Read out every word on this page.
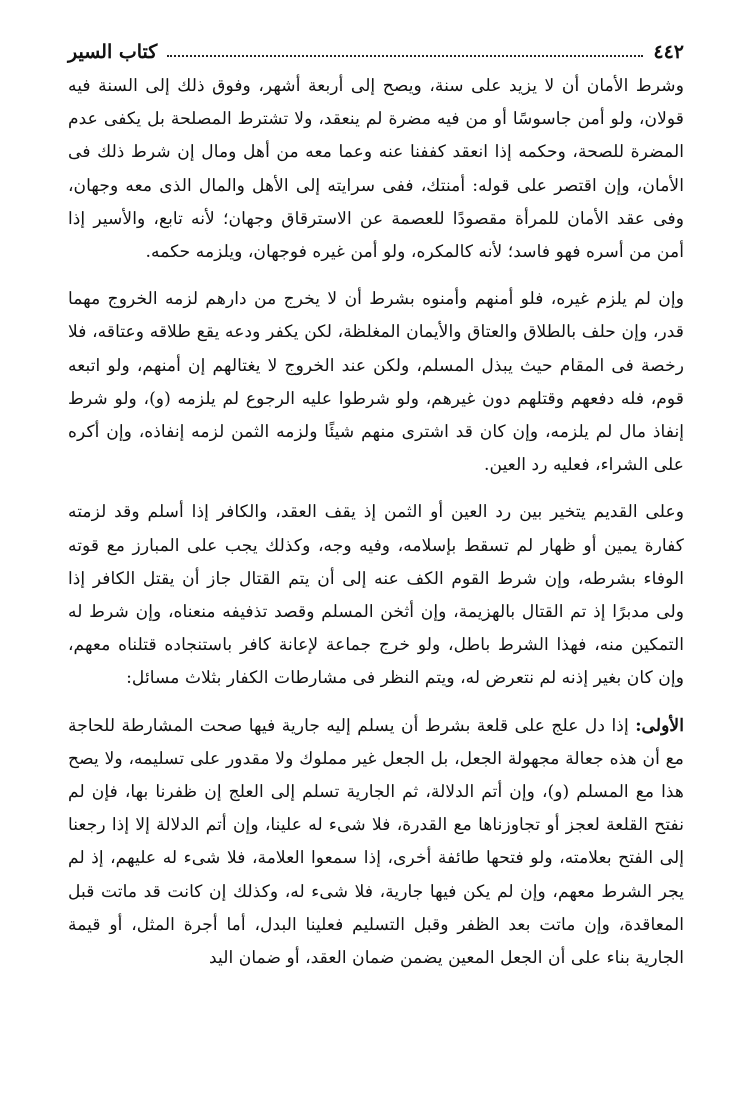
٤٤٢
كتاب السير

وشرط الأمان أن لا يزيد على سنة، ويصح إلى أربعة أشهر، وفوق ذلك إلى السنة فيه قولان، ولو أمن جاسوسًا أو من فيه مضرة لم ينعقد، ولا تشترط المصلحة بل يكفى عدم المضرة للصحة، وحكمه إذا انعقد كففنا عنه وعما معه من أهل ومال إن شرط ذلك فى الأمان، وإن اقتصر على قوله: أمنتك، ففى سرايته إلى الأهل والمال الذى معه وجهان، وفى عقد الأمان للمرأة مقصودًا للعصمة عن الاسترقاق وجهان؛ لأنه تابع، والأسير إذا أمن من أسره فهو فاسد؛ لأنه كالمكره، ولو أمن غيره فوجهان، ويلزمه حكمه.

وإن لم يلزم غيره، فلو أمنهم وأمنوه بشرط أن لا يخرج من دارهم لزمه الخروج مهما قدر، وإن حلف بالطلاق والعتاق والأيمان المغلظة، لكن يكفر ودعه يقع طلاقه وعتاقه، فلا رخصة فى المقام حيث يبذل المسلم، ولكن عند الخروج لا يغتالهم إن أمنهم، ولو اتبعه قوم، فله دفعهم وقتلهم دون غيرهم، ولو شرطوا عليه الرجوع لم يلزمه (و)، ولو شرط إنفاذ مال لم يلزمه، وإن كان قد اشترى منهم شيئًا ولزمه الثمن لزمه إنفاذه، وإن أكره على الشراء، فعليه رد العين.

وعلى القديم يتخير بين رد العين أو الثمن إذ يقف العقد، والكافر إذا أسلم وقد لزمته كفارة يمين أو ظهار لم تسقط بإسلامه، وفيه وجه، وكذلك يجب على المبارز مع قوته الوفاء بشرطه، وإن شرط القوم الكف عنه إلى أن يتم القتال جاز أن يقتل الكافر إذا ولى مدبرًا إذ تم القتال بالهزيمة، وإن أثخن المسلم وقصد تذفيفه منعناه، وإن شرط له التمكين منه، فهذا الشرط باطل، ولو خرج جماعة لإعانة كافر باستنجاده قتلناه معهم، وإن كان بغير إذنه لم نتعرض له، ويتم النظر فى مشارطات الكفار بثلاث مسائل:

الأولى: إذا دل علج على قلعة بشرط أن يسلم إليه جارية فيها صحت المشارطة للحاجة مع أن هذه جعالة مجهولة الجعل، بل الجعل غير مملوك ولا مقدور على تسليمه، ولا يصح هذا مع المسلم (و)، وإن أتم الدلالة، ثم الجارية تسلم إلى العلج إن ظفرنا بها، فإن لم نفتح القلعة لعجز أو تجاوزناها مع القدرة، فلا شىء له علينا، وإن أتم الدلالة إلا إذا رجعنا إلى الفتح بعلامته، ولو فتحها طائفة أخرى، إذا سمعوا العلامة، فلا شىء له عليهم، إذ لم يجر الشرط معهم، وإن لم يكن فيها جارية، فلا شىء له، وكذلك إن كانت قد ماتت قبل المعاقدة، وإن ماتت بعد الظفر وقبل التسليم فعلينا البدل، أما أجرة المثل، أو قيمة الجارية بناء على أن الجعل المعين يضمن ضمان العقد، أو ضمان اليد
